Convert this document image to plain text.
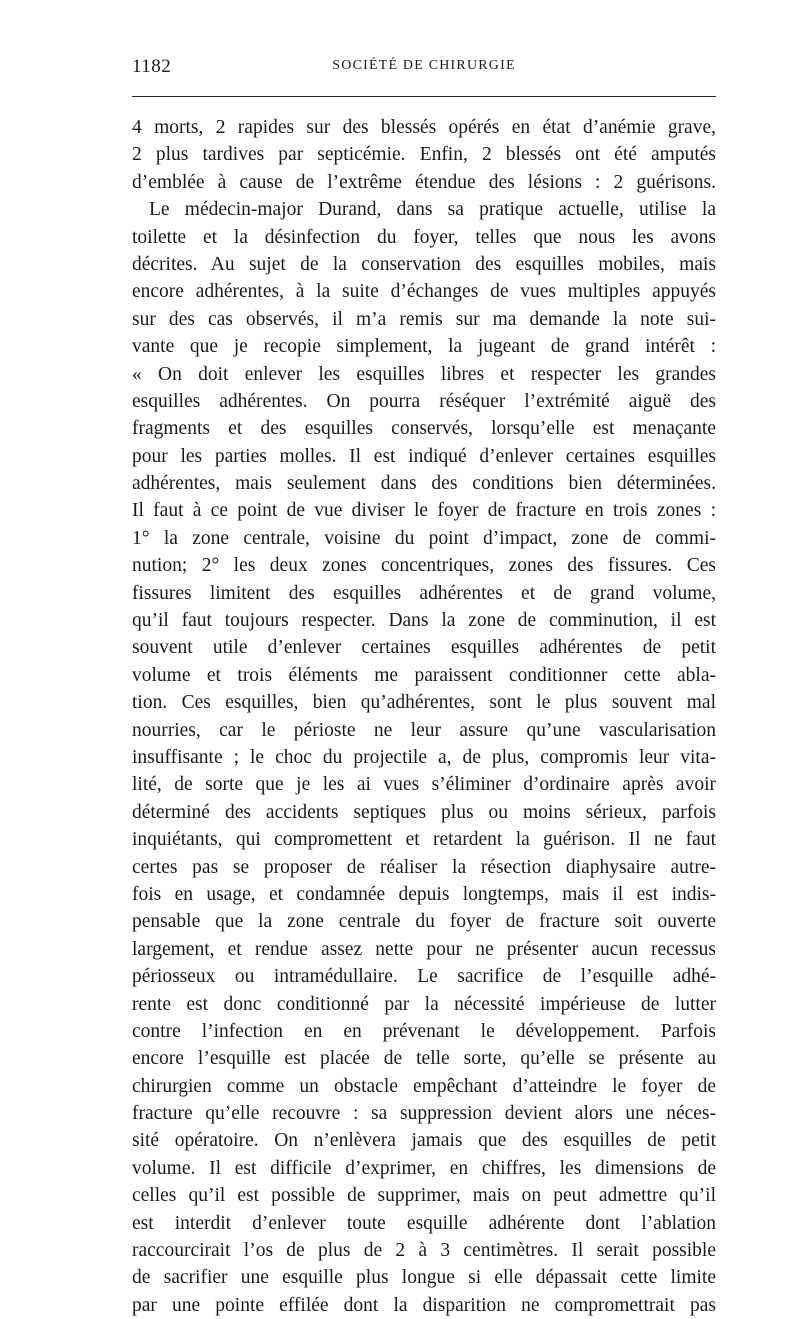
1182	SOCIÉTÉ DE CHIRURGIE
4 morts, 2 rapides sur des blessés opérés en état d’anémie grave,
2 plus tardives par septicémie. Enfin, 2 blessés ont été amputés
d’emblée à cause de l’extrême étendue des lésions : 2 guérisons.
Le médecin-major Durand, dans sa pratique actuelle, utilise la
toilette et la désinfection du foyer, telles que nous les avons
décrites. Au sujet de la conservation des esquilles mobiles, mais
encore adhérentes, à la suite d’échanges de vues multiples appuyés
sur des cas observés, il m’a remis sur ma demande la note sui-
vante que je recopie simplement, la jugeant de grand intérêt :
« On doit enlever les esquilles libres et respecter les grandes
esquilles adhérentes. On pourra réséquer l’extrémité aiguë des
fragments et des esquilles conservés, lorsqu’elle est menaçante
pour les parties molles. Il est indiqué d’enlever certaines esquilles
adhérentes, mais seulement dans des conditions bien déterminées.
Il faut à ce point de vue diviser le foyer de fracture en trois zones :
1° la zone centrale, voisine du point d’impact, zone de commi-
nution; 2° les deux zones concentriques, zones des fissures. Ces
fissures limitent des esquilles adhérentes et de grand volume,
qu’il faut toujours respecter. Dans la zone de comminution, il est
souvent utile d’enlever certaines esquilles adhérentes de petit
volume et trois éléments me paraissent conditionner cette abla-
tion. Ces esquilles, bien qu’adhérentes, sont le plus souvent mal
nourries, car le périoste ne leur assure qu’une vascularisation
insuffisante ; le choc du projectile a, de plus, compromis leur vita-
lité, de sorte que je les ai vues s’éliminer d’ordinaire après avoir
déterminé des accidents septiques plus ou moins sérieux, parfois
inquiétants, qui compromettent et retardent la guérison. Il ne faut
certes pas se proposer de réaliser la résection diaphysaire autre-
fois en usage, et condamnée depuis longtemps, mais il est indis-
pensable que la zone centrale du foyer de fracture soit ouverte
largement, et rendue assez nette pour ne présenter aucun recessus
périosseux ou intramédullaire. Le sacrifice de l’esquille adhé-
rente est donc conditionné par la nécessité impérieuse de lutter
contre l’infection en en prévenant le développement. Parfois
encore l’esquille est placée de telle sorte, qu’elle se présente au
chirurgien comme un obstacle empêchant d’atteindre le foyer de
fracture qu’elle recouvre : sa suppression devient alors une néces-
sité opératoire. On n’enlèvera jamais que des esquilles de petit
volume. Il est difficile d’exprimer, en chiffres, les dimensions de
celles qu’il est possible de supprimer, mais on peut admettre qu’il
est interdit d’enlever toute esquille adhérente dont l’ablation
raccourcirait l’os de plus de 2 à 3 centimètres. Il serait possible
de sacrifier une esquille plus longue si elle dépassait cette limite
par une pointe effilée dont la disparition ne compromettrait pas
